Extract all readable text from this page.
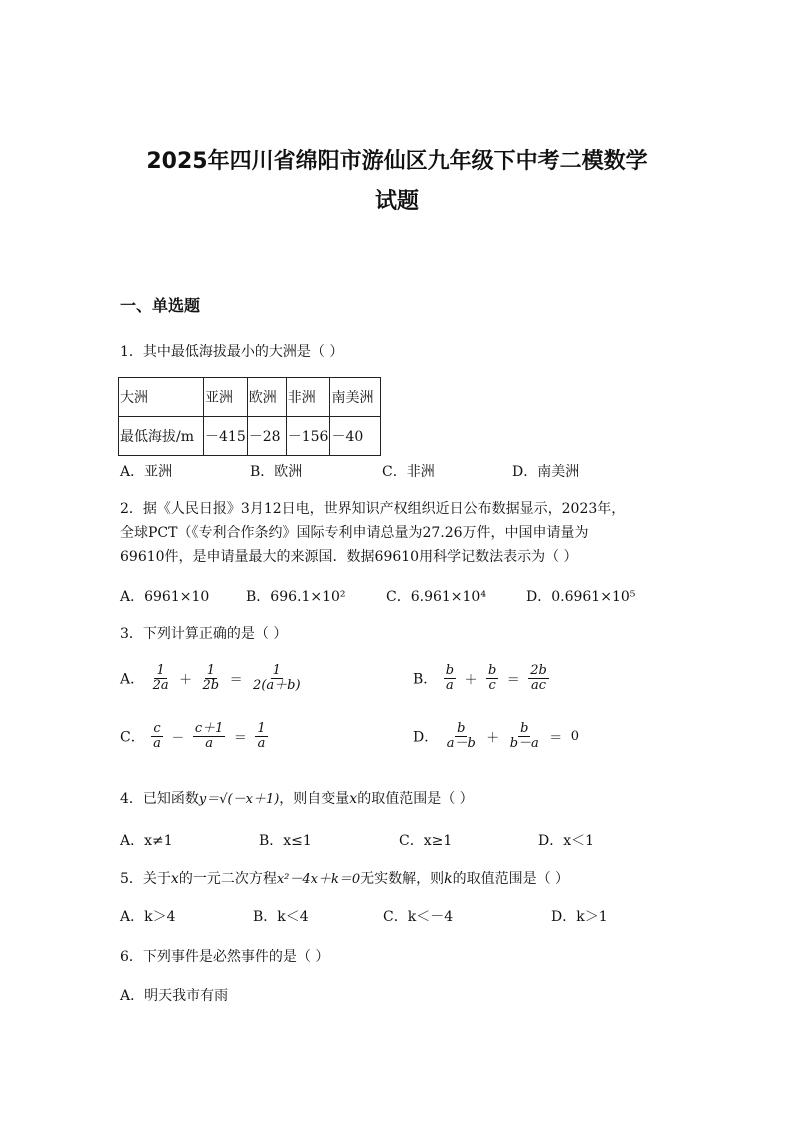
2025年四川省绵阳市游仙区九年级下中考二模数学
试题
一、单选题
1．其中最低海拔最小的大洲是（ ）
大洲	亚洲	欧洲	非洲	南美洲
最低海拔/m	－415	－28	－156	－40
A．亚洲	B．欧洲	C．非洲	D．南美洲
2．据《人民日报》3月12日电，世界知识产权组织近日公布数据显示，2023年，
全球PCT（《专利合作条约》国际专利申请总量为27.26万件，中国申请量为
69610件，是申请量最大的来源国．数据69610用科学记数法表示为（ ）
A．6961×10	B．696.1×10²	C．6.961×10⁴	D．0.6961×10⁵
3．下列计算正确的是（ ）
A． $\frac{1}{2a} + \frac{1}{2b} = \frac{1}{2(a+b)}$	B． $\frac{b}{a} + \frac{b}{c} = \frac{2b}{ac}$
C． $\frac{c}{a} - \frac{c+1}{a} = \frac{1}{a}$	D． $\frac{b}{a-b} + \frac{b}{b-a} = 0$
4．已知函数y＝√(－x＋1)，则自变量x的取值范围是（ ）
A．x≠1	B．x≤1	C．x≥1	D．x＜1
5．关于x的一元二次方程x²－4x＋k＝0无实数解，则k的取值范围是（ ）
A．k＞4	B．k＜4	C．k＜－4	D．k＞1
6．下列事件是必然事件的是（ ）
A．明天我市有雨
